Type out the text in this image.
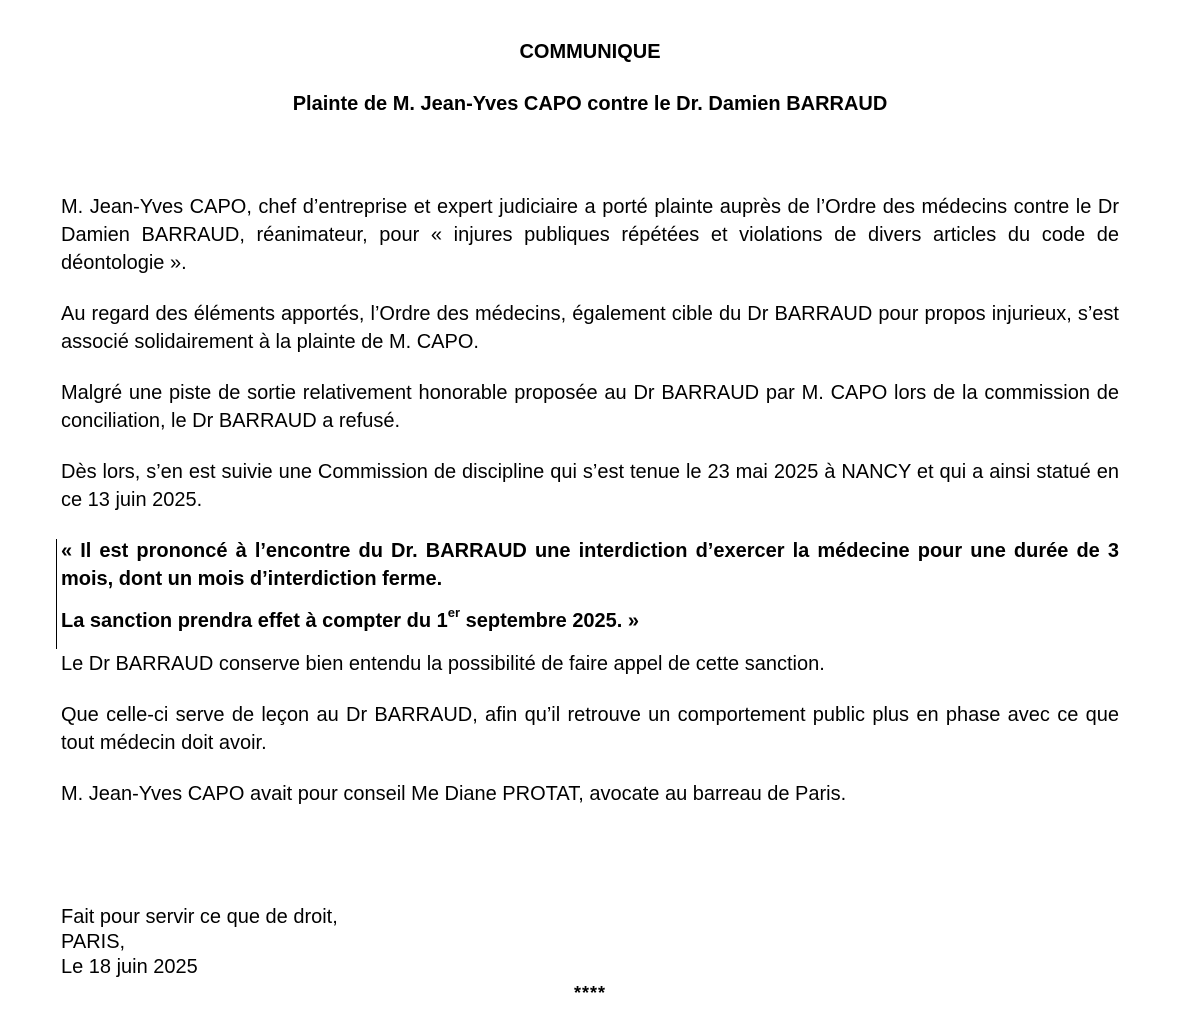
COMMUNIQUE
Plainte de M. Jean-Yves CAPO contre le Dr. Damien BARRAUD

M. Jean-Yves CAPO, chef d’entreprise et expert judiciaire a porté plainte auprès de l’Ordre des médecins contre le Dr Damien BARRAUD, réanimateur, pour « injures publiques répétées et violations de divers articles du code de déontologie ».

Au regard des éléments apportés, l’Ordre des médecins, également cible du Dr BARRAUD pour propos injurieux, s’est associé solidairement à la plainte de M. CAPO.

Malgré une piste de sortie relativement honorable proposée au Dr BARRAUD par M. CAPO lors de la commission de conciliation, le Dr BARRAUD a refusé.

Dès lors, s’en est suivie une Commission de discipline qui s’est tenue le 23 mai 2025 à NANCY et qui a ainsi statué en ce 13 juin 2025.

« Il est prononcé à l’encontre du Dr. BARRAUD une interdiction d’exercer la médecine pour une durée de 3 mois, dont un mois d’interdiction ferme.

La sanction prendra effet à compter du 1er septembre 2025. »

Le Dr BARRAUD conserve bien entendu la possibilité de faire appel de cette sanction.

Que celle-ci serve de leçon au Dr BARRAUD, afin qu’il retrouve un comportement public plus en phase avec ce que tout médecin doit avoir.

M. Jean-Yves CAPO avait pour conseil Me Diane PROTAT, avocate au barreau de Paris.

Fait pour servir ce que de droit,
PARIS,
Le 18 juin 2025
****
